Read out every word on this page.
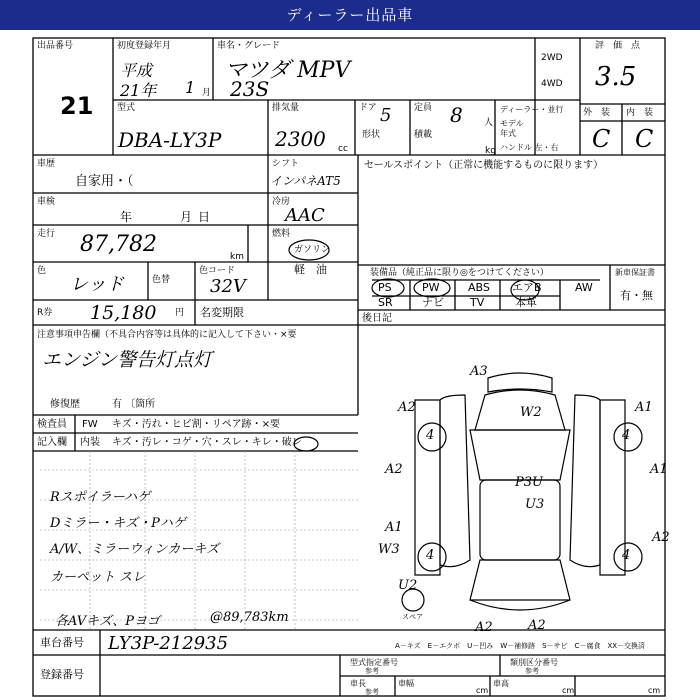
ディーラー出品車
出品番号
21
初度登録年月
平成
21年 1 月
車名・グレード
マツダ MPV
23S
2WD
4WD
評　価　点
3.5
型式
DBA-LY3P
排気量
2300 cc
ドア 5
形状
定員 8 人
積載
kg
ディーラー・並行
モデル年式
ハンドル 左・右
外　装 内　装
C C
車歴
自家用・（
シフト
インパネAT5
車検
年	月 日
冷房
AAC
走行 87,782	km
燃料
ガソリン
軽　油
色
レッド	色替
色コード
32V
R券 15,180 円 名変期限
セールスポイント（正常に機能するものに限ります）
装備品（純正品に限り◎をつけてください）	新車保証書
有・無
PS	PW	ABS エアB	AW
SR	ナビ TV	本革
後日記
注意事項申告欄（不具合内容等は具体的に記入して下さい・×要
エンジン警告灯点灯
修復歴	有 〔箇所
検査員
記入欄
FW
内装
キズ・汚れ・ヒビ割・リペア跡・×要
キズ・汚レ・コゲ・穴・スレ・キレ・破レ
Rスポイラーハゲ
Dミラー・キズ・Pハゲ
A/W、ミラーウィンカーキズ
カーペット スレ
各AVキズ、Pヨゴ	@89,783km
A3
W2
A2	A1
A2	A1
P3U
U3
A1
W3
A2
U2
スペア
A2	A2
4	4
4	4
A－キズ　E－エクボ　U－凹み　W－補修跡　S－サビ　C－腐食　XX－交換済
車台番号 LY3P-212935
登録番号
型式指定番号
参考
類別区分番号
参考
車長
参考
車幅
cm
車高
cm	cm
